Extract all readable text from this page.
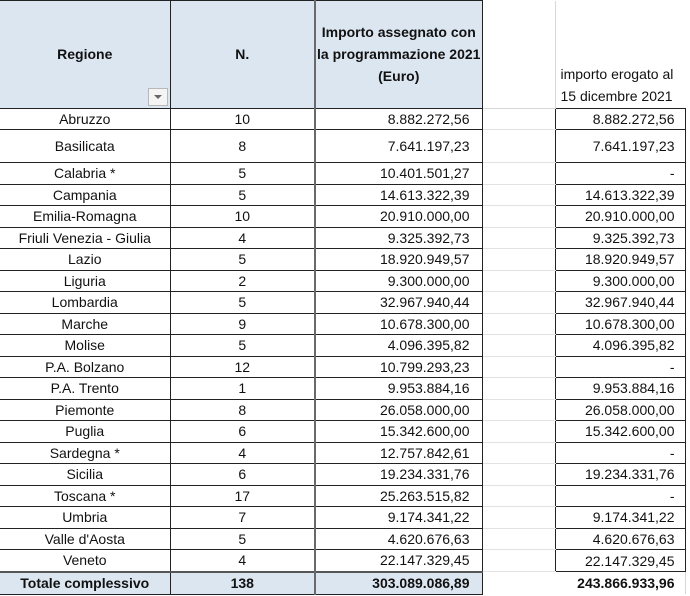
Regione	N.	Importo assegnato con la programmazione 2021 (Euro)		importo erogato al 15 dicembre 2021	
Abruzzo	10	8.882.272,56		8.882.272,56	
Basilicata	8	7.641.197,23		7.641.197,23	
Calabria *	5	10.401.501,27		-	
Campania	5	14.613.322,39		14.613.322,39	
Emilia-Romagna	10	20.910.000,00		20.910.000,00	
Friuli Venezia - Giulia	4	9.325.392,73		9.325.392,73	
Lazio	5	18.920.949,57		18.920.949,57	
Liguria	2	9.300.000,00		9.300.000,00	
Lombardia	5	32.967.940,44		32.967.940,44	
Marche	9	10.678.300,00		10.678.300,00	
Molise	5	4.096.395,82		4.096.395,82	
P.A. Bolzano	12	10.799.293,23		-	
P.A. Trento	1	9.953.884,16		9.953.884,16	
Piemonte	8	26.058.000,00		26.058.000,00	
Puglia	6	15.342.600,00		15.342.600,00	
Sardegna *	4	12.757.842,61		-	
Sicilia	6	19.234.331,76		19.234.331,76	
Toscana *	17	25.263.515,82		-	
Umbria	7	9.174.341,22		9.174.341,22	
Valle d'Aosta	5	4.620.676,63		4.620.676,63	
Veneto	4	22.147.329,45		22.147.329,45	
Totale complessivo	138	303.089.086,89		243.866.933,96	
